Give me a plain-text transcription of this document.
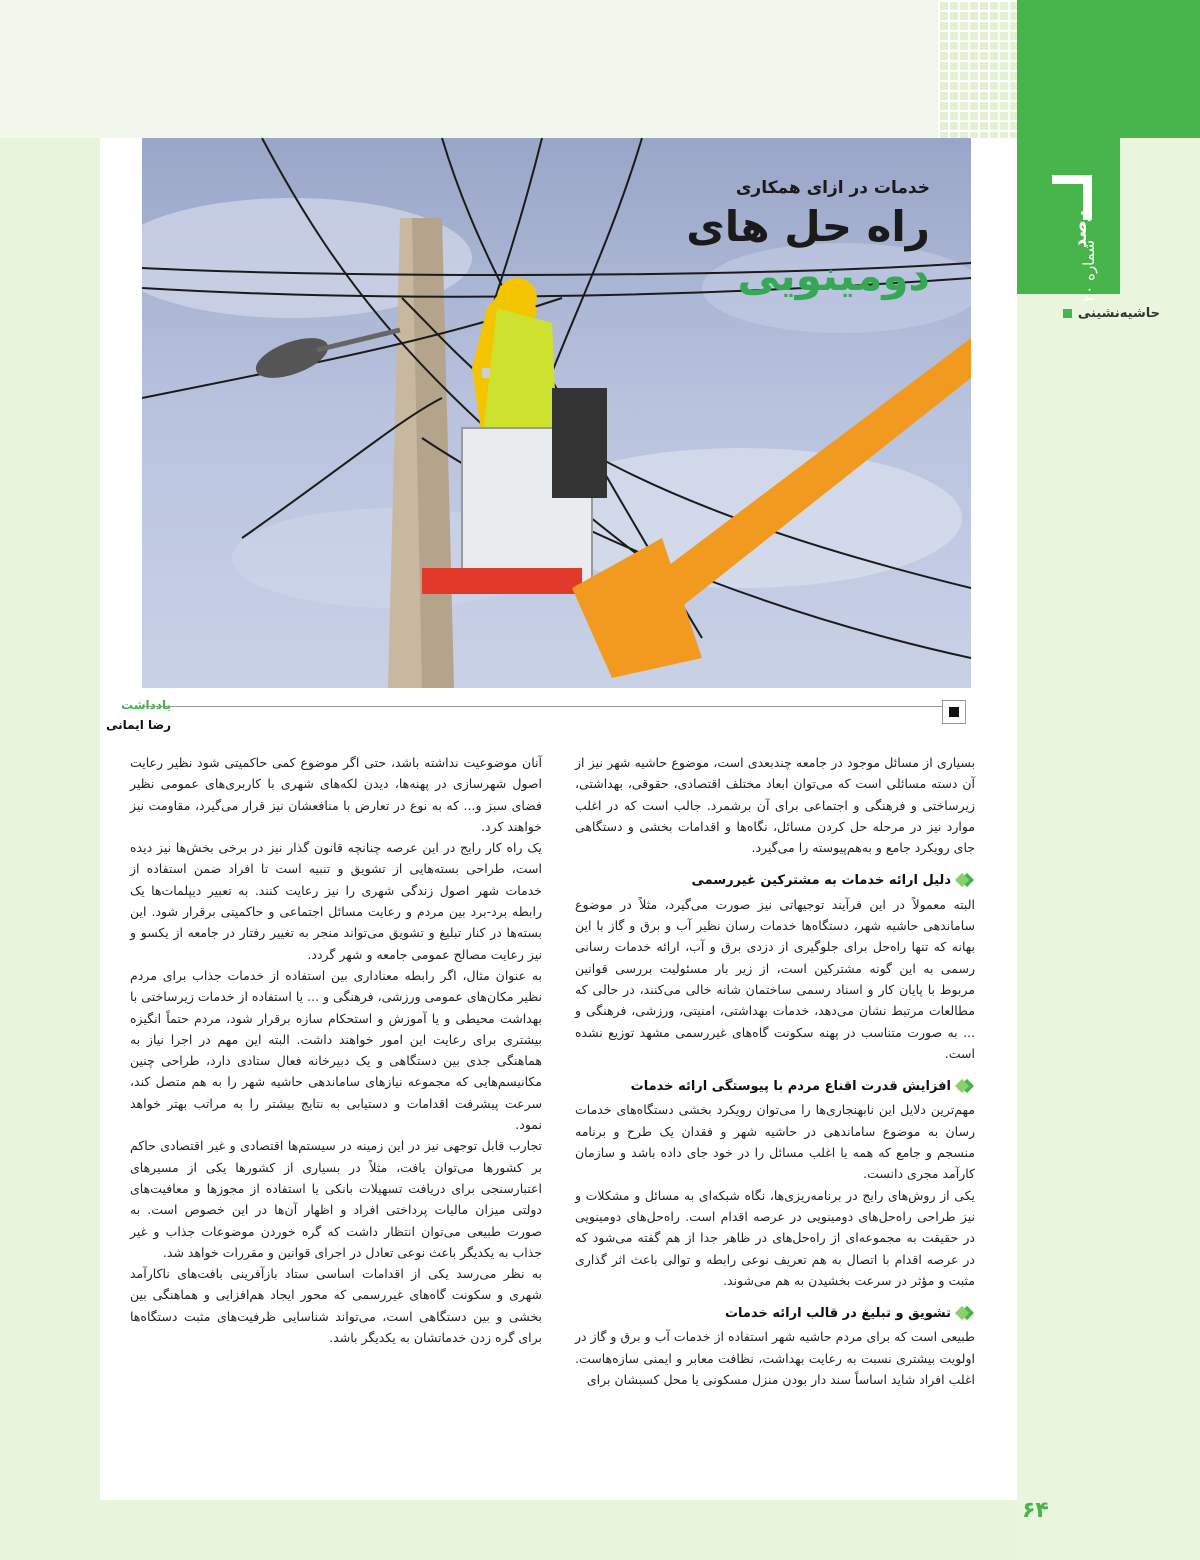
رصد
شماره ۲۰
حاشیه‌نشینی
خدمات در ازای همکاری
راه حل های دومینویی
یادداشت
رضا ایمانی

بسیاری از مسائل موجود در جامعه چندبعدی است، موضوع حاشیه شهر نیز از آن دسته مسائلی است که می‌توان ابعاد مختلف اقتصادی، حقوقی، بهداشتی، زیرساختی و فرهنگی و اجتماعی برای آن برشمرد. جالب است که در اغلب موارد نیز در مرحله حل کردن مسائل، نگاه‌ها و اقدامات بخشی و دستگاهی جای رویکرد جامع و به‌هم‌پیوسته را می‌گیرد.

دلیل ارائه خدمات به مشترکین غیررسمی

البته معمولاً در این فرآیند توجیهاتی نیز صورت می‌گیرد، مثلاً در موضوع ساماندهی حاشیه شهر، دستگاه‌ها خدمات رسان نظیر آب و برق و گاز با این بهانه که تنها راه‌حل برای جلوگیری از دزدی برق و آب، ارائه خدمات رسانی رسمی به این گونه مشترکین است، از زیر بار مسئولیت بررسی قوانین مربوط با پایان کار و اسناد رسمی ساختمان شانه خالی می‌کنند، در حالی که مطالعات مرتبط نشان می‌دهد، خدمات بهداشتی، امنیتی، ورزشی، فرهنگی و ... به صورت متناسب در پهنه سکونت گاه‌های غیررسمی مشهد توزیع نشده است.

افزایش قدرت اقناع مردم با پیوستگی ارائه خدمات

مهم‌ترین دلایل این نابهنجاری‌ها را می‌توان رویکرد بخشی دستگاه‌های خدمات رسان به موضوع ساماندهی در حاشیه شهر و فقدان یک طرح و برنامه منسجم و جامع که همه یا اغلب مسائل را در خود جای داده باشد و سازمان کارآمد مجری دانست.

یکی از روش‌های رایج در برنامه‌ریزی‌ها، نگاه شبکه‌ای به مسائل و مشکلات و نیز طراحی راه‌حل‌های دومینویی در عرصه اقدام است. راه‌حل‌های دومینویی در حقیقت به مجموعه‌ای از راه‌حل‌های در ظاهر جدا از هم گفته می‌شود که در عرصه اقدام با اتصال به هم تعریف نوعی رابطه و توالی باعث اثر گذاری مثبت و مؤثر در سرعت بخشیدن به هم می‌شوند.

تشویق و تبلیغ در قالب ارائه خدمات

طبیعی است که برای مردم حاشیه شهر استفاده از خدمات آب و برق و گاز در اولویت بیشتری نسبت به رعایت بهداشت، نظافت معابر و ایمنی سازه‌هاست. اغلب افراد شاید اساساً سند دار بودن منزل مسکونی یا محل کسبشان برای

آنان موضوعیت نداشته باشد، حتی اگر موضوع کمی حاکمیتی شود نظیر رعایت اصول شهرسازی در پهنه‌ها، دیدن لکه‌های شهری با کاربری‌های عمومی نظیر فضای سبز و... که به نوع در تعارض با منافعشان نیز قرار می‌گیرد، مقاومت نیز خواهند کرد.

یک راه کار رایج در این عرصه چنانچه قانون گذار نیز در برخی بخش‌ها نیز دیده است، طراحی بسته‌هایی از تشویق و تنبیه است تا افراد ضمن استفاده از خدمات شهر اصول زندگی شهری را نیز رعایت کنند. به تعبیر دیپلمات‌ها یک رابطه برد-برد بین مردم و رعایت مسائل اجتماعی و حاکمیتی برقرار شود. این بسته‌ها در کنار تبلیغ و تشویق می‌تواند منجر به تغییر رفتار در جامعه از یکسو و نیز رعایت مصالح عمومی جامعه و شهر گردد.

به عنوان مثال، اگر رابطه معناداری بین استفاده از خدمات جذاب برای مردم نظیر مکان‌های عمومی ورزشی، فرهنگی و ... یا استفاده از خدمات زیرساختی با بهداشت محیطی و یا آموزش و استحکام سازه برقرار شود، مردم حتماً انگیزه بیشتری برای رعایت این امور خواهند داشت. البته این مهم در اجرا نیاز به هماهنگی جدی بین دستگاهی و یک دبیرخانه فعال ستادی دارد، طراحی چنین مکانیسم‌هایی که مجموعه نیازهای ساماندهی حاشیه شهر را به هم متصل کند، سرعت پیشرفت اقدامات و دستیابی به نتایج بیشتر را به مراتب بهتر خواهد نمود.

تجارب قابل توجهی نیز در این زمینه در سیستم‌ها اقتصادی و غیر اقتصادی حاکم بر کشورها می‌توان یافت، مثلاً در بسیاری از کشورها یکی از مسیرهای اعتبارسنجی برای دریافت تسهیلات بانکی یا استفاده از مجوزها و معافیت‌های دولتی میزان مالیات پرداختی افراد و اظهار آن‌ها در این خصوص است. به صورت طبیعی می‌توان انتظار داشت که گره خوردن موضوعات جذاب و غیر جذاب به یکدیگر باعث نوعی تعادل در اجرای قوانین و مقررات خواهد شد.

به نظر می‌رسد یکی از اقدامات اساسی ستاد بازآفرینی بافت‌های ناکارآمد شهری و سکونت گاه‌های غیررسمی که محور ایجاد هم‌افزایی و هماهنگی بین بخشی و بین دستگاهی است، می‌تواند شناسایی ظرفیت‌های مثبت دستگاه‌ها برای گره زدن خدماتشان به یکدیگر باشد.

۶۴
